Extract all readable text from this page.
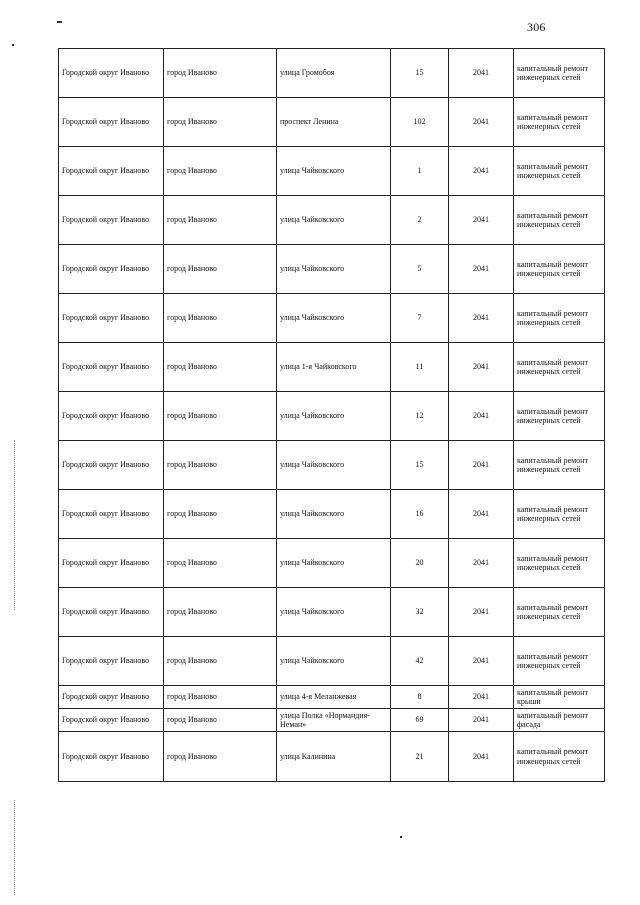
306
Городской округ Иваново	город Иваново	улица Громобоя	15	2041	капитальный ремонт инженерных сетей
Городской округ Иваново	город Иваново	проспект Ленина	102	2041	капитальный ремонт инженерных сетей
Городской округ Иваново	город Иваново	улица Чайковского	1	2041	капитальный ремонт инженерных сетей
Городской округ Иваново	город Иваново	улица Чайковского	2	2041	капитальный ремонт инженерных сетей
Городской округ Иваново	город Иваново	улица Чайковского	5	2041	капитальный ремонт инженерных сетей
Городской округ Иваново	город Иваново	улица Чайковского	7	2041	капитальный ремонт инженерных сетей
Городской округ Иваново	город Иваново	улица 1-я Чайковского	11	2041	капитальный ремонт инженерных сетей
Городской округ Иваново	город Иваново	улица Чайковского	12	2041	капитальный ремонт инженерных сетей
Городской округ Иваново	город Иваново	улица Чайковского	15	2041	капитальный ремонт инженерных сетей
Городской округ Иваново	город Иваново	улица Чайковского	16	2041	капитальный ремонт инженерных сетей
Городской округ Иваново	город Иваново	улица Чайковского	20	2041	капитальный ремонт инженерных сетей
Городской округ Иваново	город Иваново	улица Чайковского	32	2041	капитальный ремонт инженерных сетей
Городской округ Иваново	город Иваново	улица Чайковского	42	2041	капитальный ремонт инженерных сетей
Городской округ Иваново	город Иваново	улица 4-я Меланжевая	8	2041	капитальный ремонт крыши
Городской округ Иваново	город Иваново	улица Полка «Нормандия-Неман»	69	2041	капитальный ремонт фасада
Городской округ Иваново	город Иваново	улица Калинина	21	2041	капитальный ремонт инженерных сетей
